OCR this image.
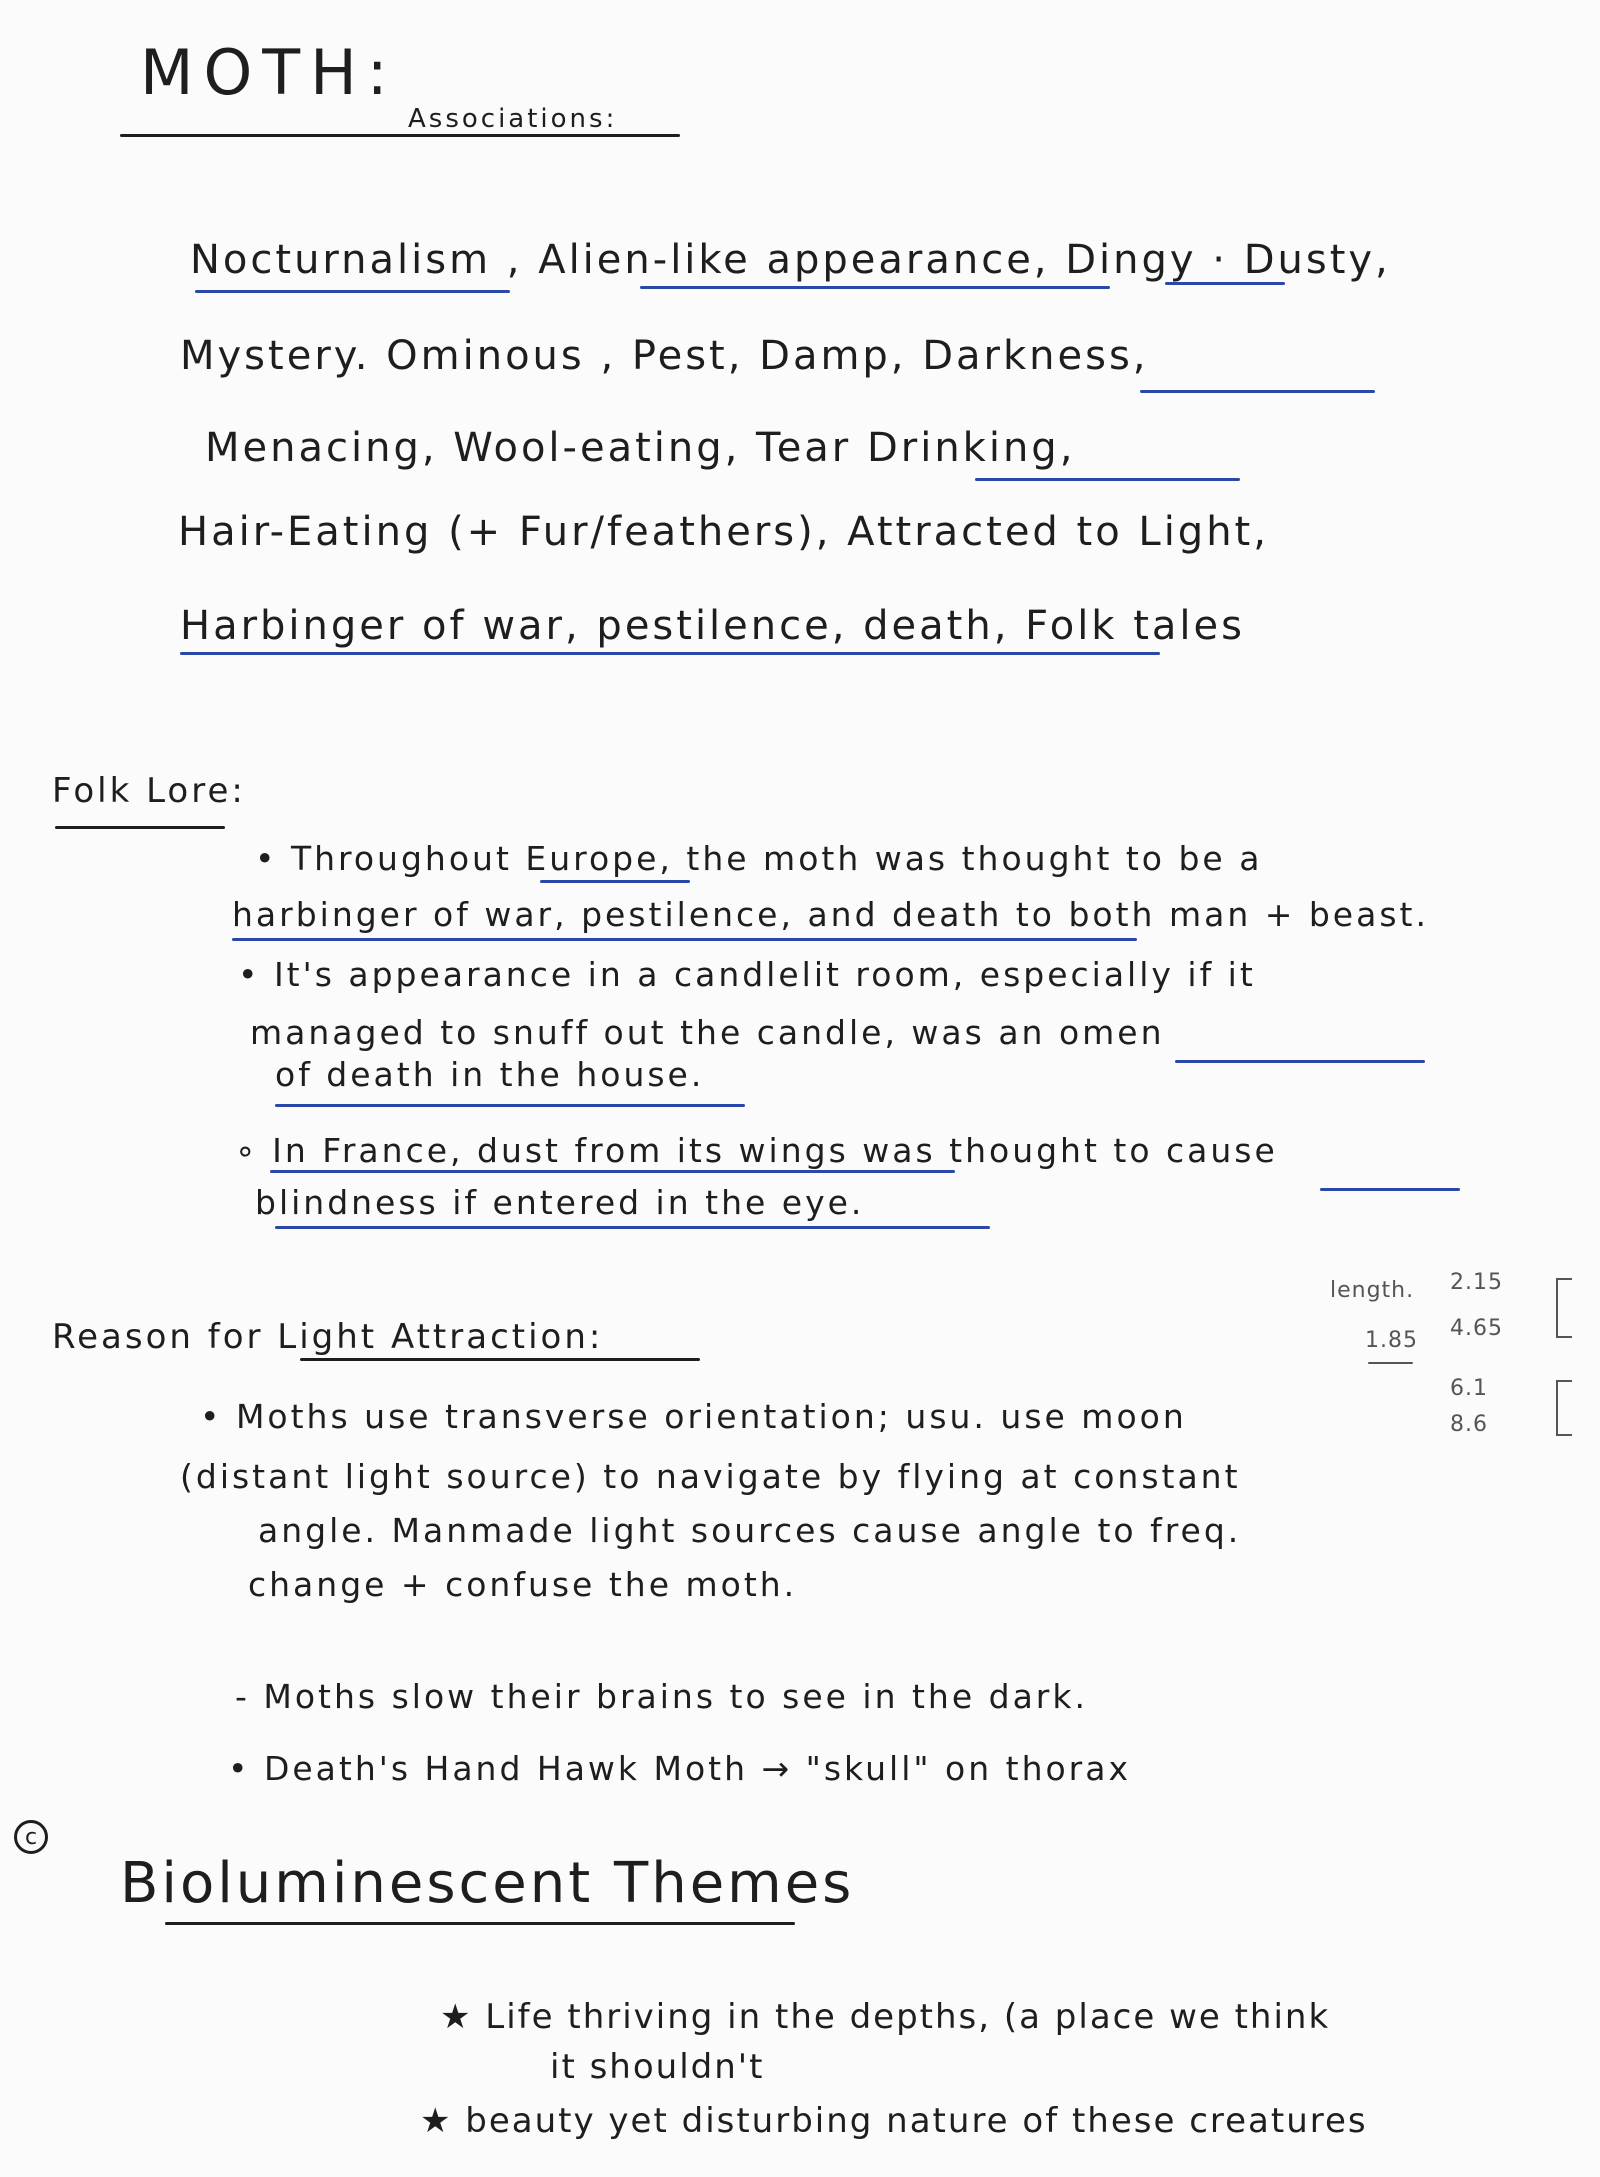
MOTH:
Associations:
Nocturnalism , Alien-like appearance, Dingy · Dusty,
Mystery. Ominous , Pest, Damp, Darkness,
Menacing, Wool-eating, Tear Drinking,
Hair-Eating (+ Fur/feathers), Attracted to Light,
Harbinger of war, pestilence, death, Folk tales
Folk Lore:
• Throughout Europe, the moth was thought to be a
harbinger of war, pestilence, and death to both man + beast.
• It's appearance in a candlelit room, especially if it
managed to snuff out the candle, was an omen
of death in the house.
∘ In France, dust from its wings was thought to cause
blindness if entered in the eye.
length. 2.15
1.85 4.65
6.1
8.6
Reason for Light Attraction:
• Moths use transverse orientation; usu. use moon
(distant light source) to navigate by flying at constant
angle. Manmade light sources cause angle to freq.
change + confuse the moth.
- Moths slow their brains to see in the dark.
• Death's Hand Hawk Moth → "skull" on thorax
c
Bioluminescent Themes
★ Life thriving in the depths, (a place we think
it shouldn't
★ beauty yet disturbing nature of these creatures
